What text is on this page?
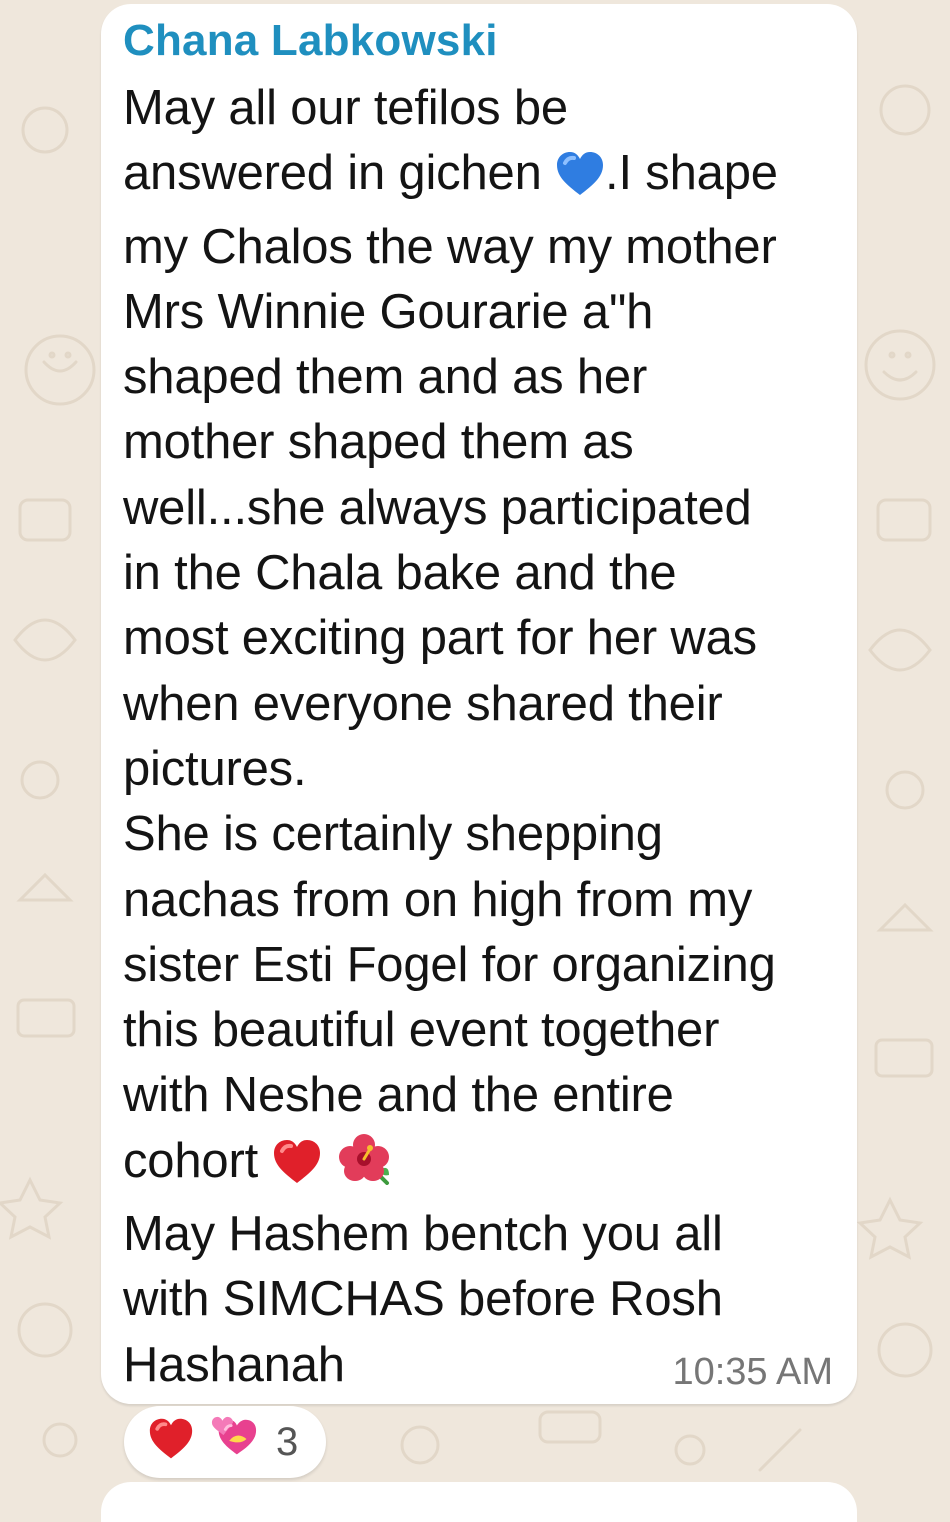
Chana Labkowski
May all our tefilos be
answered in gichen .I shape
my Chalos the way my mother
Mrs Winnie Gourarie a"h
shaped them and as her
mother shaped them as
well...she always participated
in the Chala bake and the
most exciting part for her was
when everyone shared their
pictures.
She is certainly shepping
nachas from on high from my
sister Esti Fogel for organizing
this beautiful event together
with Neshe and the entire
cohort
May Hashem bentch you all
with SIMCHAS before Rosh
Hashanah	10:35 AM
3
